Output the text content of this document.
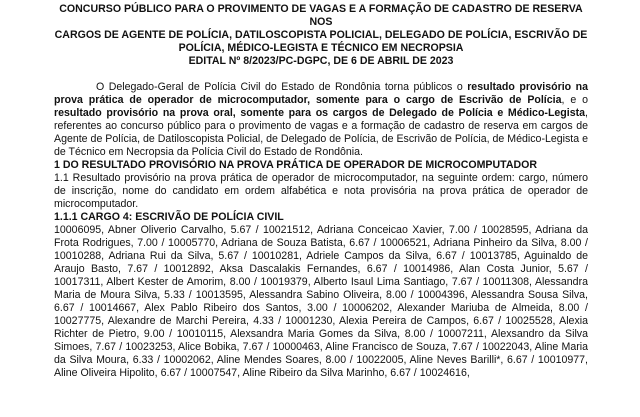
CONCURSO PÚBLICO PARA O PROVIMENTO DE VAGAS E A FORMAÇÃO DE CADASTRO DE RESERVA NOS
CARGOS DE AGENTE DE POLÍCIA, DATILOSCOPISTA POLICIAL, DELEGADO DE POLÍCIA, ESCRIVÃO DE
POLÍCIA, MÉDICO-LEGISTA E TÉCNICO EM NECROPSIA
EDITAL Nº 8/2023/PC-DGPC, DE 6 DE ABRIL DE 2023

O Delegado-Geral de Polícia Civil do Estado de Rondônia torna públicos o resultado provisório na prova prática de operador de microcomputador, somente para o cargo de Escrivão de Polícia, e o resultado provisório na prova oral, somente para os cargos de Delegado de Polícia e Médico-Legista, referentes ao concurso público para o provimento de vagas e a formação de cadastro de reserva em cargos de Agente de Polícia, de Datiloscopista Policial, de Delegado de Polícia, de Escrivão de Polícia, de Médico-Legista e de Técnico em Necropsia da Polícia Civil do Estado de Rondônia.

1 DO RESULTADO PROVISÓRIO NA PROVA PRÁTICA DE OPERADOR DE MICROCOMPUTADOR

1.1 Resultado provisório na prova prática de operador de microcomputador, na seguinte ordem: cargo, número de inscrição, nome do candidato em ordem alfabética e nota provisória na prova prática de operador de microcomputador.

1.1.1 CARGO 4: ESCRIVÃO DE POLÍCIA CIVIL

10006095, Abner Oliverio Carvalho, 5.67 / 10021512, Adriana Conceicao Xavier, 7.00 / 10028595, Adriana da Frota Rodrigues, 7.00 / 10005770, Adriana de Souza Batista, 6.67 / 10006521, Adriana Pinheiro da Silva, 8.00 / 10010288, Adriana Rui da Silva, 5.67 / 10010281, Adriele Campos da Silva, 6.67 / 10013785, Aguinaldo de Araujo Basto, 7.67 / 10012892, Aksa Dascalakis Fernandes, 6.67 / 10014986, Alan Costa Junior, 5.67 / 10017311, Albert Kester de Amorim, 8.00 / 10019379, Alberto Isaul Lima Santiago, 7.67 / 10011308, Alessandra Maria de Moura Silva, 5.33 / 10013595, Alessandra Sabino Oliveira, 8.00 / 10004396, Alessandra Sousa Silva, 6.67 / 10014667, Alex Pablo Ribeiro dos Santos, 3.00 / 10006202, Alexander Mariuba de Almeida, 8.00 / 10027775, Alexandre de Marchi Pereira, 4.33 / 10001230, Alexia Pereira de Campos, 6.67 / 10025528, Alexia Richter de Pietro, 9.00 / 10010115, Alexsandra Maria Gomes da Silva, 8.00 / 10007211, Alexsandro da Silva Simoes, 7.67 / 10023253, Alice Bobika, 7.67 / 10000463, Aline Francisco de Souza, 7.67 / 10022043, Aline Maria da Silva Moura, 6.33 / 10002062, Aline Mendes Soares, 8.00 / 10022005, Aline Neves Barilli*, 6.67 / 10010977, Aline Oliveira Hipolito, 6.67 / 10007547, Aline Ribeiro da Silva Marinho, 6.67 / 10024616,
